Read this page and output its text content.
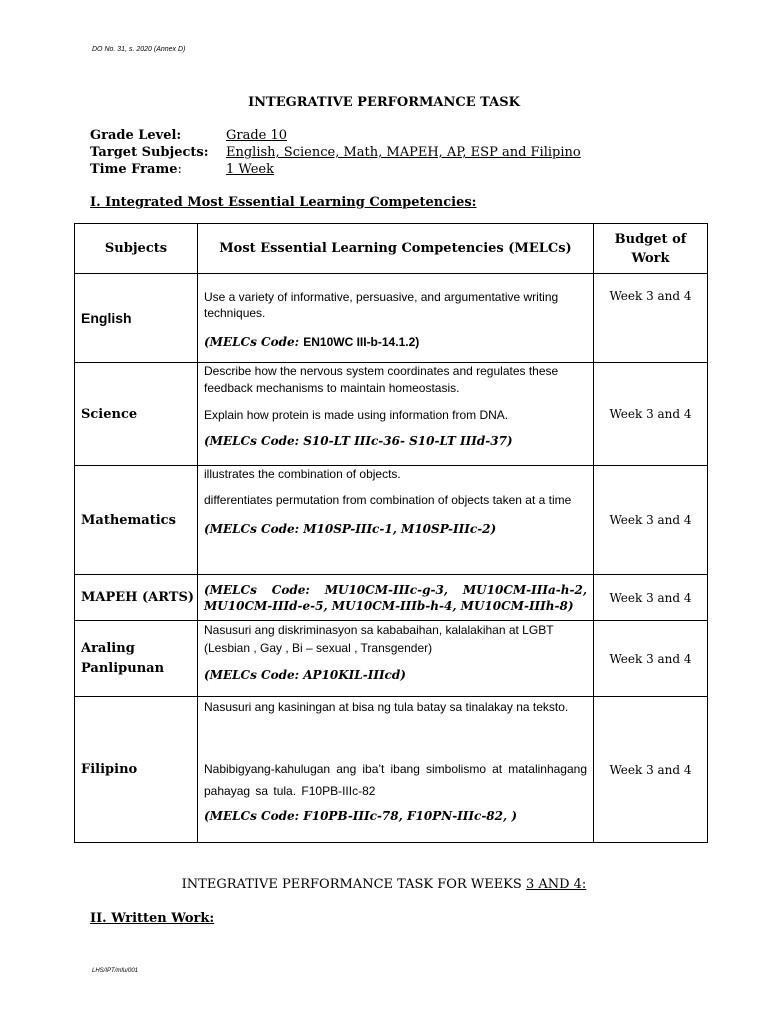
DO No. 31, s. 2020 (Annex D)
INTEGRATIVE PERFORMANCE TASK
Grade Level:	Grade 10
Target Subjects: English, Science, Math, MAPEH, AP, ESP and Filipino
Time Frame:	1 Week
I. Integrated Most Essential Learning Competencies:
Subjects	Most Essential Learning Competencies (MELCs)	Budget of Work
English	Use a variety of informative, persuasive, and argumentative writing techniques.

(MELCs Code: EN10WC III-b-14.1.2)	Week 3 and 4
Science	Describe how the nervous system coordinates and regulates these feedback mechanisms to maintain homeostasis.

Explain how protein is made using information from DNA.

(MELCs Code: S10-LT IIIc-36- S10-LT IIId-37)	Week 3 and 4
Mathematics	illustrates the combination of objects.

differentiates permutation from combination of objects taken at a time

(MELCs Code: M10SP-IIIc-1, M10SP-IIIc-2)	Week 3 and 4
MAPEH (ARTS)	(MELCs Code: MU10CM-IIIc-g-3, MU10CM-IIIa-h-2,

MU10CM-IIId-e-5, MU10CM-IIIb-h-4, MU10CM-IIIh-8)	Week 3 and 4
Araling Panlipunan	Nasusuri ang diskriminasyon sa kababaihan, kalalakihan at LGBT (Lesbian , Gay , Bi – sexual , Transgender)

(MELCs Code: AP10KIL-IIIcd)	Week 3 and 4
Filipino	Nasusuri ang kasiningan at bisa ng tula batay sa tinalakay na teksto.

Nabibigyang-kahulugan ang iba’t ibang simbolismo at matalinhagang pahayag sa tula. F10PB-IIIc-82

(MELCs Code: F10PB-IIIc-78, F10PN-IIIc-82, )	Week 3 and 4
INTEGRATIVE PERFORMANCE TASK FOR WEEKS 3 AND 4:
II. Written Work:
LHS/IPT/mfu/001
